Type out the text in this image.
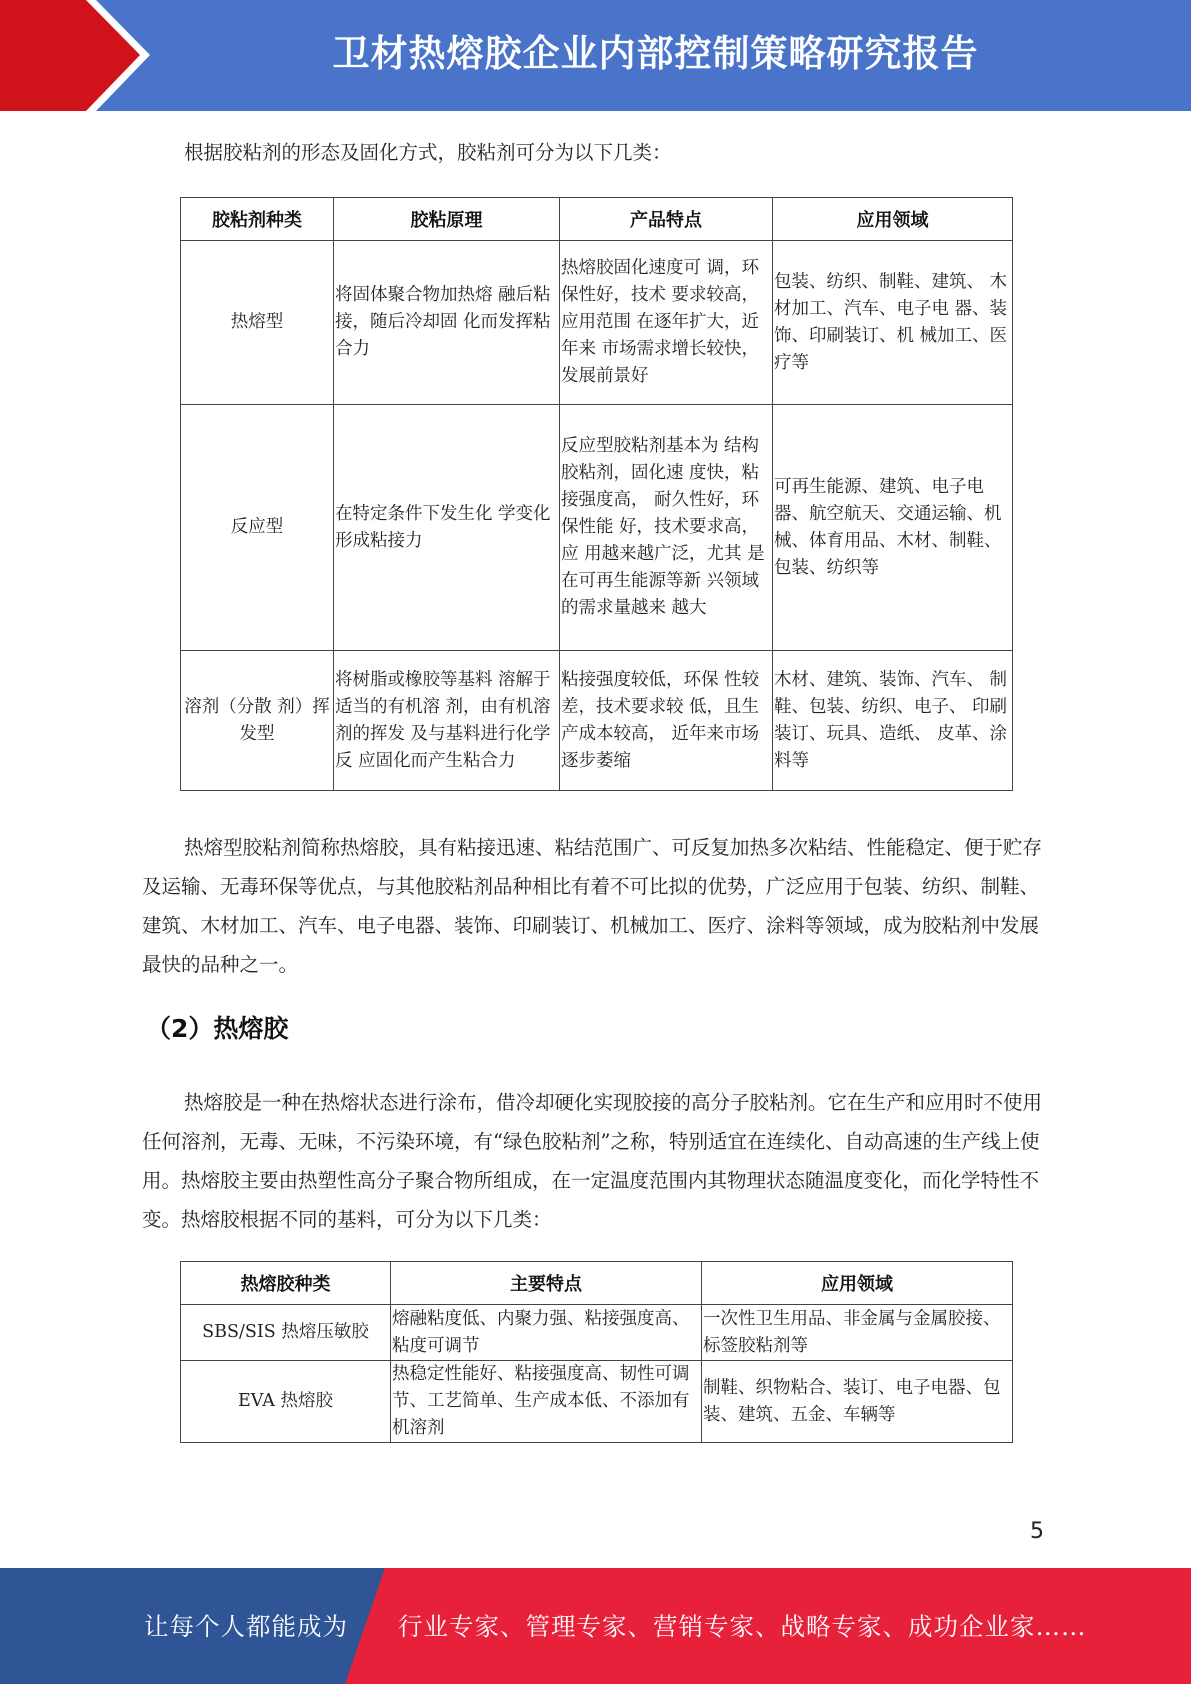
卫材热熔胶企业内部控制策略研究报告

根据胶粘剂的形态及固化方式，胶粘剂可分为以下几类：

胶粘剂种类	胶粘原理	产品特点	应用领域
热熔型	将固体聚合物加热熔 融后粘接，随后冷却固 化而发挥粘合力	热熔胶固化速度可 调，环保性好，技术 要求较高，应用范围 在逐年扩大，近年来 市场需求增长较快， 发展前景好	包装、纺织、制鞋、建筑、 木材加工、汽车、电子电 器、装饰、印刷装订、机 械加工、医疗等
反应型	在特定条件下发生化 学变化形成粘接力	反应型胶粘剂基本为 结构胶粘剂，固化速 度快，粘接强度高， 耐久性好，环保性能 好，技术要求高，应 用越来越广泛，尤其 是在可再生能源等新 兴领域的需求量越来 越大	可再生能源、建筑、电子电器、航空航天、交通运输、机械、体育用品、木材、制鞋、包装、纺织等
溶剂（分散 剂）挥发型	将树脂或橡胶等基料 溶解于适当的有机溶 剂，由有机溶剂的挥发 及与基料进行化学反 应固化而产生粘合力	粘接强度较低，环保 性较差，技术要求较 低，且生产成本较高， 近年来市场逐步萎缩	木材、建筑、装饰、汽车、 制鞋、包装、纺织、电子、 印刷装订、玩具、造纸、 皮革、涂料等

热熔型胶粘剂简称热熔胶，具有粘接迅速、粘结范围广、可反复加热多次粘结、性能稳定、便于贮存及运输、无毒环保等优点，与其他胶粘剂品种相比有着不可比拟的优势，广泛应用于包装、纺织、制鞋、建筑、木材加工、汽车、电子电器、装饰、印刷装订、机械加工、医疗、涂料等领域，成为胶粘剂中发展最快的品种之一。

（2）热熔胶

热熔胶是一种在热熔状态进行涂布，借冷却硬化实现胶接的高分子胶粘剂。它在生产和应用时不使用任何溶剂，无毒、无味，不污染环境，有“绿色胶粘剂”之称，特别适宜在连续化、自动高速的生产线上使用。热熔胶主要由热塑性高分子聚合物所组成，在一定温度范围内其物理状态随温度变化，而化学特性不变。热熔胶根据不同的基料，可分为以下几类：

热熔胶种类	主要特点	应用领域
SBS/SIS 热熔压敏胶	熔融粘度低、内聚力强、粘接强度高、粘度可调节	一次性卫生用品、非金属与金属胶接、标签胶粘剂等
EVA 热熔胶	热稳定性能好、粘接强度高、韧性可调节、工艺简单、生产成本低、不添加有机溶剂	制鞋、织物粘合、装订、电子电器、包装、建筑、五金、车辆等
5
让每个人都能成为 行业专家、管理专家、营销专家、战略专家、成功企业家……
